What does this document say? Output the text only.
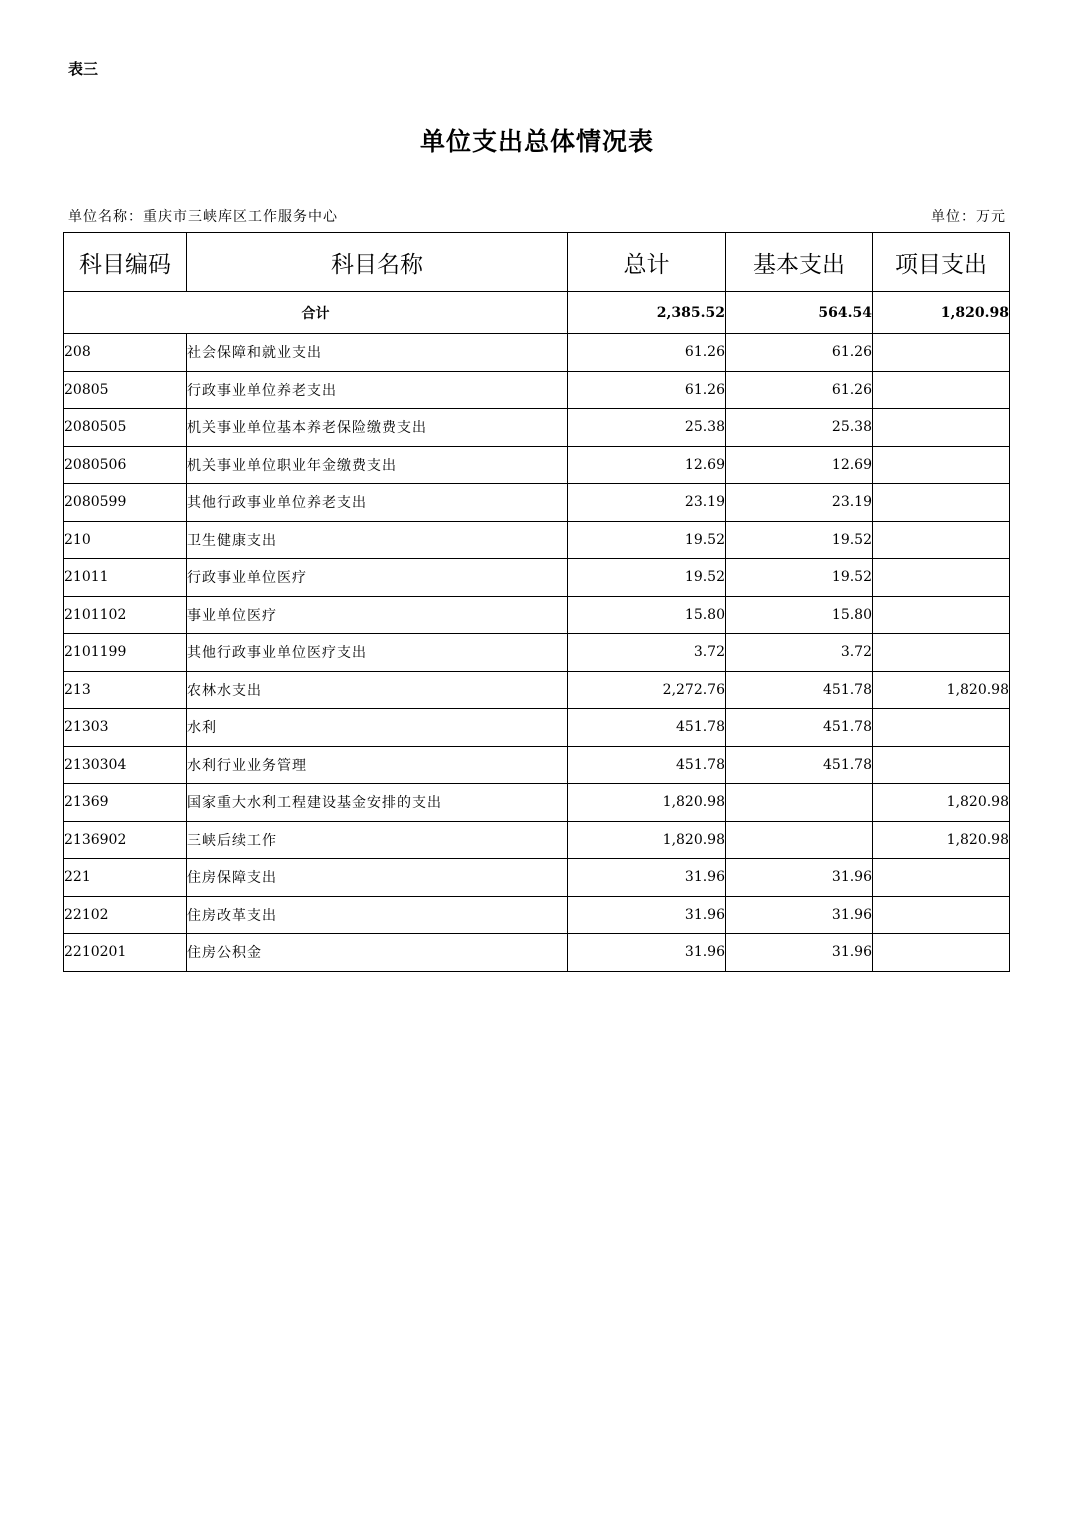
表三
单位支出总体情况表
单位名称：重庆市三峡库区工作服务中心	单位：万元
科目编码	科目名称	总计	基本支出	项目支出
合计		2,385.52	564.54	1,820.98
208	社会保障和就业支出	61.26	61.26	
20805	行政事业单位养老支出	61.26	61.26	
2080505	机关事业单位基本养老保险缴费支出	25.38	25.38	
2080506	机关事业单位职业年金缴费支出	12.69	12.69	
2080599	其他行政事业单位养老支出	23.19	23.19	
210	卫生健康支出	19.52	19.52	
21011	行政事业单位医疗	19.52	19.52	
2101102	事业单位医疗	15.80	15.80	
2101199	其他行政事业单位医疗支出	3.72	3.72	
213	农林水支出	2,272.76	451.78	1,820.98
21303	水利	451.78	451.78	
2130304	水利行业业务管理	451.78	451.78	
21369	国家重大水利工程建设基金安排的支出	1,820.98		1,820.98
2136902	三峡后续工作	1,820.98		1,820.98
221	住房保障支出	31.96	31.96	
22102	住房改革支出	31.96	31.96	
2210201	住房公积金	31.96	31.96	
